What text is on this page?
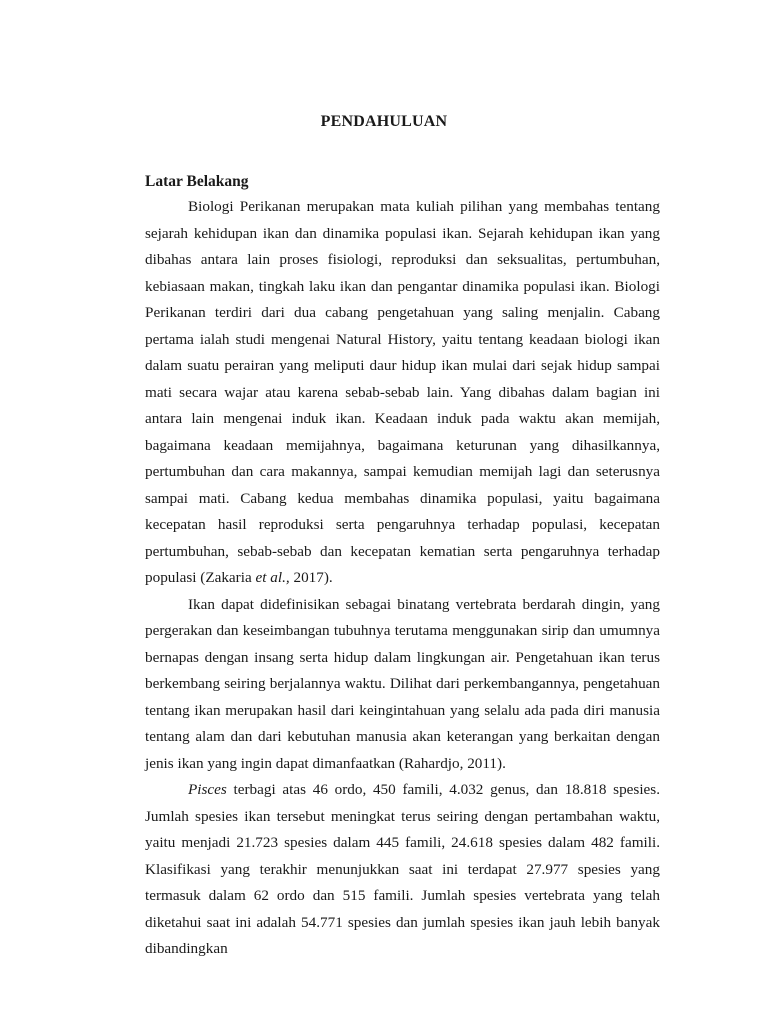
PENDAHULUAN
Latar Belakang

Biologi Perikanan merupakan mata kuliah pilihan yang membahas tentang sejarah kehidupan ikan dan dinamika populasi ikan. Sejarah kehidupan ikan yang dibahas antara lain proses fisiologi, reproduksi dan seksualitas, pertumbuhan, kebiasaan makan, tingkah laku ikan dan pengantar dinamika populasi ikan. Biologi Perikanan terdiri dari dua cabang pengetahuan yang saling menjalin. Cabang pertama ialah studi mengenai Natural History, yaitu tentang keadaan biologi ikan dalam suatu perairan yang meliputi daur hidup ikan mulai dari sejak hidup sampai mati secara wajar atau karena sebab-sebab lain. Yang dibahas dalam bagian ini antara lain mengenai induk ikan. Keadaan induk pada waktu akan memijah, bagaimana keadaan memijahnya, bagaimana keturunan yang dihasilkannya, pertumbuhan dan cara makannya, sampai kemudian memijah lagi dan seterusnya sampai mati. Cabang kedua membahas dinamika populasi, yaitu bagaimana kecepatan hasil reproduksi serta pengaruhnya terhadap populasi, kecepatan pertumbuhan, sebab-sebab dan kecepatan kematian serta pengaruhnya terhadap populasi (Zakaria et al., 2017).

Ikan dapat didefinisikan sebagai binatang vertebrata berdarah dingin, yang pergerakan dan keseimbangan tubuhnya terutama menggunakan sirip dan umumnya bernapas dengan insang serta hidup dalam lingkungan air. Pengetahuan ikan terus berkembang seiring berjalannya waktu. Dilihat dari perkembangannya, pengetahuan tentang ikan merupakan hasil dari keingintahuan yang selalu ada pada diri manusia tentang alam dan dari kebutuhan manusia akan keterangan yang berkaitan dengan jenis ikan yang ingin dapat dimanfaatkan (Rahardjo, 2011).

Pisces terbagi atas 46 ordo, 450 famili, 4.032 genus, dan 18.818 spesies. Jumlah spesies ikan tersebut meningkat terus seiring dengan pertambahan waktu, yaitu menjadi 21.723 spesies dalam 445 famili, 24.618 spesies dalam 482 famili. Klasifikasi yang terakhir menunjukkan saat ini terdapat 27.977 spesies yang termasuk dalam 62 ordo dan 515 famili. Jumlah spesies vertebrata yang telah diketahui saat ini adalah 54.771 spesies dan jumlah spesies ikan jauh lebih banyak dibandingkan
